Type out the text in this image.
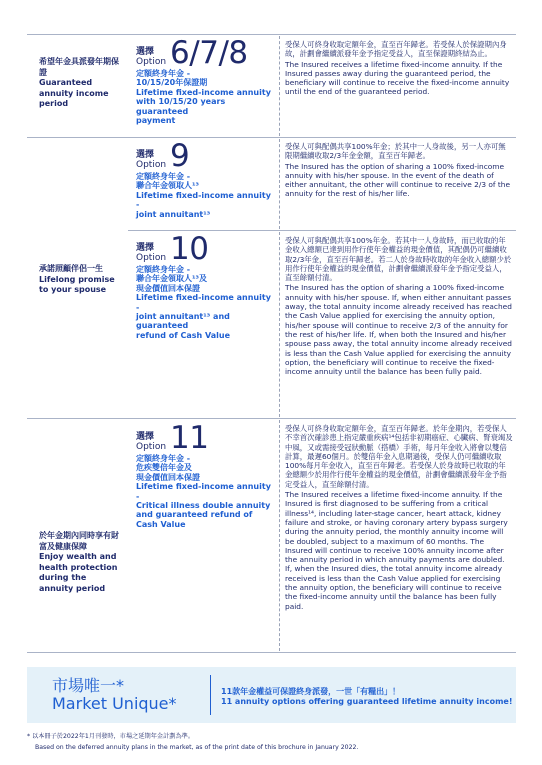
希望年金具派發年期保證
Guaranteed annuity income period
承諾照顧伴侶一生
Lifelong promise to your spouse
於年金期內同時享有財富及健康保障
Enjoy wealth and health protection during the annuity period
選擇
Option 6/7/8
定額終身年金 -
10/15/20年保證期
Lifetime fixed-income annuity
with 10/15/20 years guaranteed
payment
受保人可終身收取定額年金，直至百年歸老。若受保人於保證期內身故，計劃會繼續派發年金予指定受益人，直至保證期終結為止。
The Insured receives a lifetime fixed-income annuity. If the Insured passes away during the guaranteed period, the beneficiary will continue to receive the fixed-income annuity until the end of the guaranteed period.
選擇
Option 9
定額終身年金 -
聯合年金領取人¹³
Lifetime fixed-income annuity -
joint annuitant¹³
受保人可與配偶共享100%年金；於其中一人身故後，另一人亦可無限期繼續收取2/3年金金額，直至百年歸老。
The Insured has the option of sharing a 100% fixed-income annuity with his/her spouse. In the event of the death of either annuitant, the other will continue to receive 2/3 of the annuity for the rest of his/her life.
選擇
Option 10
定額終身年金 -
聯合年金領取人¹³及
現金價值回本保證
Lifetime fixed-income annuity -
joint annuitant¹³ and guaranteed
refund of Cash Value
受保人可與配偶共享100%年金。若其中一人身故時，而已收取的年金收入總額已達到用作行使年金權益的現金價值，其配偶仍可繼續收取2/3年金，直至百年歸老。若二人於身故時收取的年金收入總額少於用作行使年金權益的現金價值，計劃會繼續派發年金予指定受益人，直至餘額付清。
The Insured has the option of sharing a 100% fixed-income annuity with his/her spouse. If, when either annuitant passes away, the total annuity income already received has reached the Cash Value applied for exercising the annuity option, his/her spouse will continue to receive 2/3 of the annuity for the rest of his/her life. If, when both the Insured and his/her spouse pass away, the total annuity income already received is less than the Cash Value applied for exercising the annuity option, the beneficiary will continue to receive the fixed-income annuity until the balance has been fully paid.
選擇
Option 11
定額終身年金 -
危疾雙倍年金及
現金價值回本保證
Lifetime fixed-income annuity -
Critical illness double annuity
and guaranteed refund of
Cash Value
受保人可終身收取定額年金，直至百年歸老。於年金期內，若受保人不幸首次確診患上指定嚴重疾病¹⁴包括非初期癌症、心臟病、腎衰竭及中風，又或需接受冠狀動脈（搭橋）手術，每月年金收入將會以雙倍計算，最遲60個月。於雙倍年金入息期過後，受保人仍可繼續收取100%每月年金收入，直至百年歸老。若受保人於身故時已收取的年金總額少於用作行使年金權益的現金價值，計劃會繼續派發年金予指定受益人，直至餘額付清。
The Insured receives a lifetime fixed-income annuity. If the Insured is first diagnosed to be suffering from a critical illness¹⁴, including later-stage cancer, heart attack, kidney failure and stroke, or having coronary artery bypass surgery during the annuity period, the monthly annuity income will be doubled, subject to a maximum of 60 months. The Insured will continue to receive 100% annuity income after the annuity period in which annuity payments are doubled. If, when the Insured dies, the total annuity income already received is less than the Cash Value applied for exercising the annuity option, the beneficiary will continue to receive the fixed-income annuity until the balance has been fully paid.
市場唯一*
Market Unique*
11款年金權益可保證終身派發，一世「有糧出」！
11 annuity options offering guaranteed lifetime annuity income!
* 以本冊子於2022年1月刊發時，市場之延期年金計劃為準。
Based on the deferred annuity plans in the market, as of the print date of this brochure in January 2022.
